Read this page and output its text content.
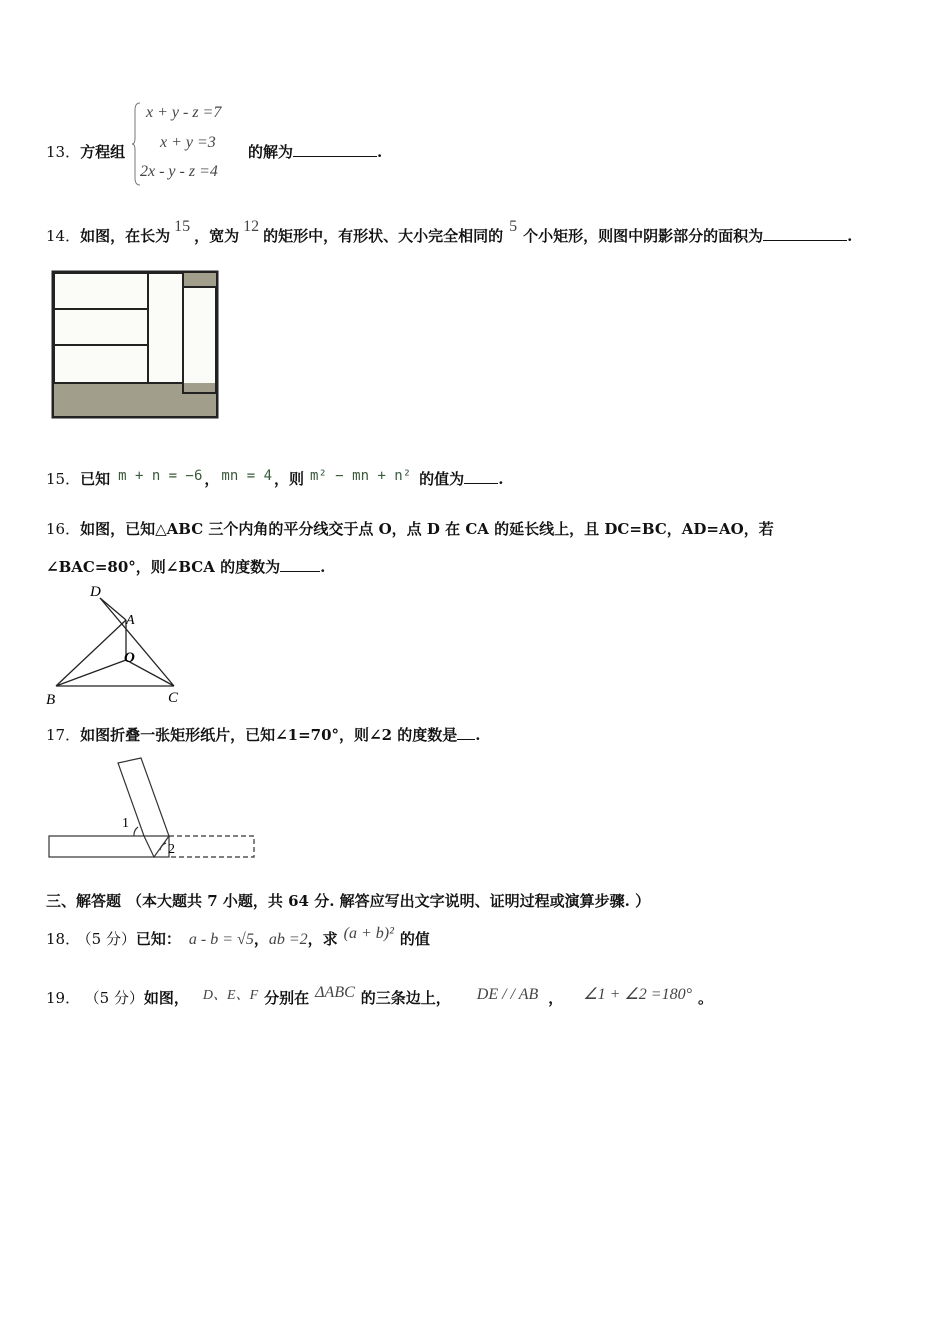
13．方程组
x + y - z =7
x + y =3
2x - y - z =4
的解为	.
14．如图，在长为15，宽为12的矩形中，有形状、大小完全相同的5个小矩形，则图中阴影部分的面积为	.
15．已知 m + n = −6 ， mn = 4 ，则 m² − mn + n² 的值为 .
16．如图，已知△ABC 三个内角的平分线交于点 O，点 D 在 CA 的延长线上，且 DC=BC，AD=AO，若
∠BAC=80°，则∠BCA 的度数为	.
D
A
O
B	C
17．如图折叠一张矩形纸片，已知∠1=70°，则∠2 的度数是 .
1
2
三、解答题 （本大题共 7 小题，共 64 分. 解答应写出文字说明、证明过程或演算步骤. ）
18． （5 分）已知： a - b = √5，ab =2，求 (a + b)² 的值
19． （5 分）如图， D、E、F 分别在 ΔABC 的三条边上， DE / / AB ， ∠1 + ∠2 =180° 。
